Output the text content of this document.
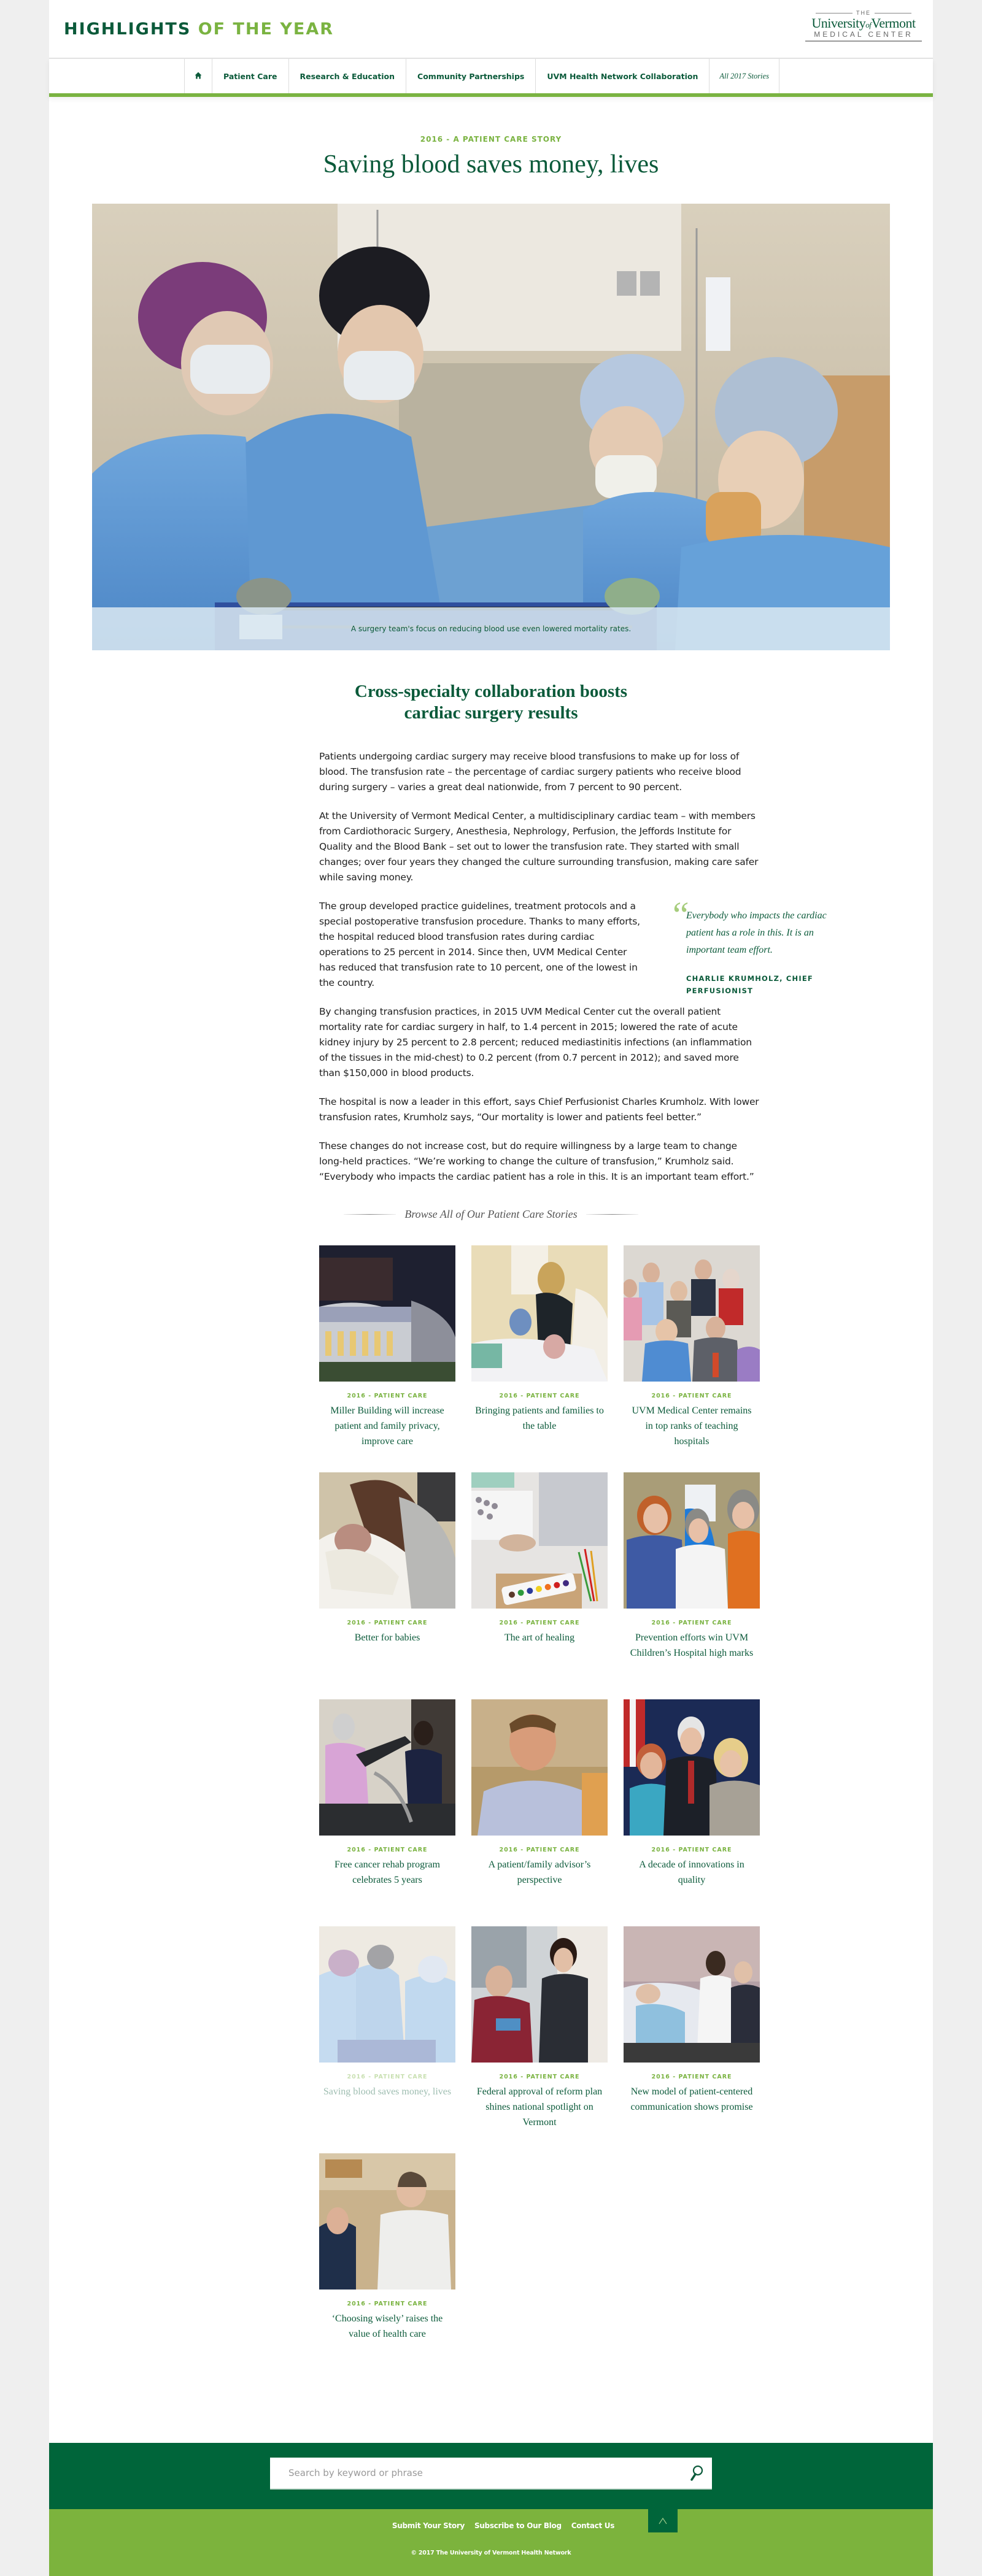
HIGHLIGHTS OF THE YEAR
THE
UniversityofVermont
MEDICAL CENTER
Patient Care	Research & Education	Community Partnerships	UVM Health Network Collaboration	All 2017 Stories
2016 - A PATIENT CARE STORY
Saving blood saves money, lives
A surgery team's focus on reducing blood use even lowered mortality rates.
Cross-specialty collaboration boosts
cardiac surgery results

Patients undergoing cardiac surgery may receive blood transfusions to make up for loss of blood. The transfusion rate – the percentage of cardiac surgery patients who receive blood during surgery – varies a great deal nationwide, from 7 percent to 90 percent.

At the University of Vermont Medical Center, a multidisciplinary cardiac team – with members from Cardiothoracic Surgery, Anesthesia, Nephrology, Perfusion, the Jeffords Institute for Quality and the Blood Bank – set out to lower the transfusion rate. They started with small changes; over four years they changed the culture surrounding transfusion, making care safer while saving money.

“
Everybody who impacts the cardiac patient has a role in this. It is an important team effort.
CHARLIE KRUMHOLZ, CHIEF PERFUSIONIST

The group developed practice guidelines, treatment protocols and a special postoperative transfusion procedure. Thanks to many efforts, the hospital reduced blood transfusion rates during cardiac operations to 25 percent in 2014. Since then, UVM Medical Center has reduced that transfusion rate to 10 percent, one of the lowest in the country.

By changing transfusion practices, in 2015 UVM Medical Center cut the overall patient mortality rate for cardiac surgery in half, to 1.4 percent in 2015; lowered the rate of acute kidney injury by 25 percent to 2.8 percent; reduced mediastinitis infections (an inflammation of the tissues in the mid-chest) to 0.2 percent (from 0.7 percent in 2012); and saved more than $150,000 in blood products.

The hospital is now a leader in this effort, says Chief Perfusionist Charles Krumholz. With lower transfusion rates, Krumholz says, “Our mortality is lower and patients feel better.”

These changes do not increase cost, but do require willingness by a large team to change long-held practices. “We’re working to change the culture of transfusion,” Krumholz said. “Everybody who impacts the cardiac patient has a role in this. It is an important team effort.”

Browse All of Our Patient Care Stories
2016 - PATIENT CARE
Miller Building will increase patient and family privacy, improve care
2016 - PATIENT CARE
Bringing patients and families to the table
2016 - PATIENT CARE
UVM Medical Center remains in top ranks of teaching hospitals
2016 - PATIENT CARE
Better for babies
2016 - PATIENT CARE
The art of healing
2016 - PATIENT CARE
Prevention efforts win UVM Children’s Hospital high marks
2016 - PATIENT CARE
Free cancer rehab program celebrates 5 years
2016 - PATIENT CARE
A patient/family advisor’s perspective
2016 - PATIENT CARE
A decade of innovations in quality
2016 - PATIENT CARE
Saving blood saves money, lives
2016 - PATIENT CARE
Federal approval of reform plan shines national spotlight on Vermont
2016 - PATIENT CARE
New model of patient-centered communication shows promise
2016 - PATIENT CARE
‘Choosing wisely’ raises the value of health care
Search by keyword or phrase
Submit Your Story Subscribe to Our Blog Contact Us
© 2017 The University of Vermont Health Network
